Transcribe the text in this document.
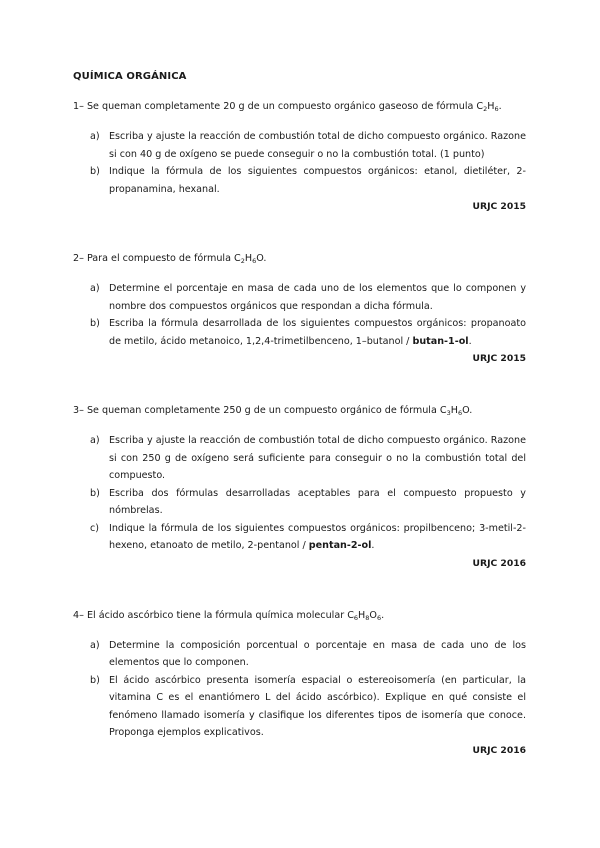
QUÍMICA ORGÁNICA

1– Se queman completamente 20 g de un compuesto orgánico gaseoso de fórmula $C_2H_6$.

a) Escriba y ajuste la reacción de combustión total de dicho compuesto orgánico. Razone si con 40 g de oxígeno se puede conseguir o no la combustión total. (1 punto)
b) Indique la fórmula de los siguientes compuestos orgánicos: etanol, dietiléter, 2-propanamina, hexanal.
URJC 2015

2– Para el compuesto de fórmula $C_2H_6O$.

a) Determine el porcentaje en masa de cada uno de los elementos que lo componen y nombre dos compuestos orgánicos que respondan a dicha fórmula.
b) Escriba la fórmula desarrollada de los siguientes compuestos orgánicos: propanoato de metilo, ácido metanoico, 1,2,4-trimetilbenceno, 1–butanol / butan-1-ol.
URJC 2015

3– Se queman completamente 250 g de un compuesto orgánico de fórmula $C_3H_6O$.

a) Escriba y ajuste la reacción de combustión total de dicho compuesto orgánico. Razone si con 250 g de oxígeno será suficiente para conseguir o no la combustión total del compuesto.
b) Escriba dos fórmulas desarrolladas aceptables para el compuesto propuesto y nómbrelas.
c) Indique la fórmula de los siguientes compuestos orgánicos: propilbenceno; 3-metil-2-hexeno, etanoato de metilo, 2-pentanol / pentan-2-ol.
URJC 2016

4– El ácido ascórbico tiene la fórmula química molecular $C_6H_8O_6$.

a) Determine la composición porcentual o porcentaje en masa de cada uno de los elementos que lo componen.
b) El ácido ascórbico presenta isomería espacial o estereoisomería (en particular, la vitamina C es el enantiómero L del ácido ascórbico). Explique en qué consiste el fenómeno llamado isomería y clasifique los diferentes tipos de isomería que conoce. Proponga ejemplos explicativos.
URJC 2016
